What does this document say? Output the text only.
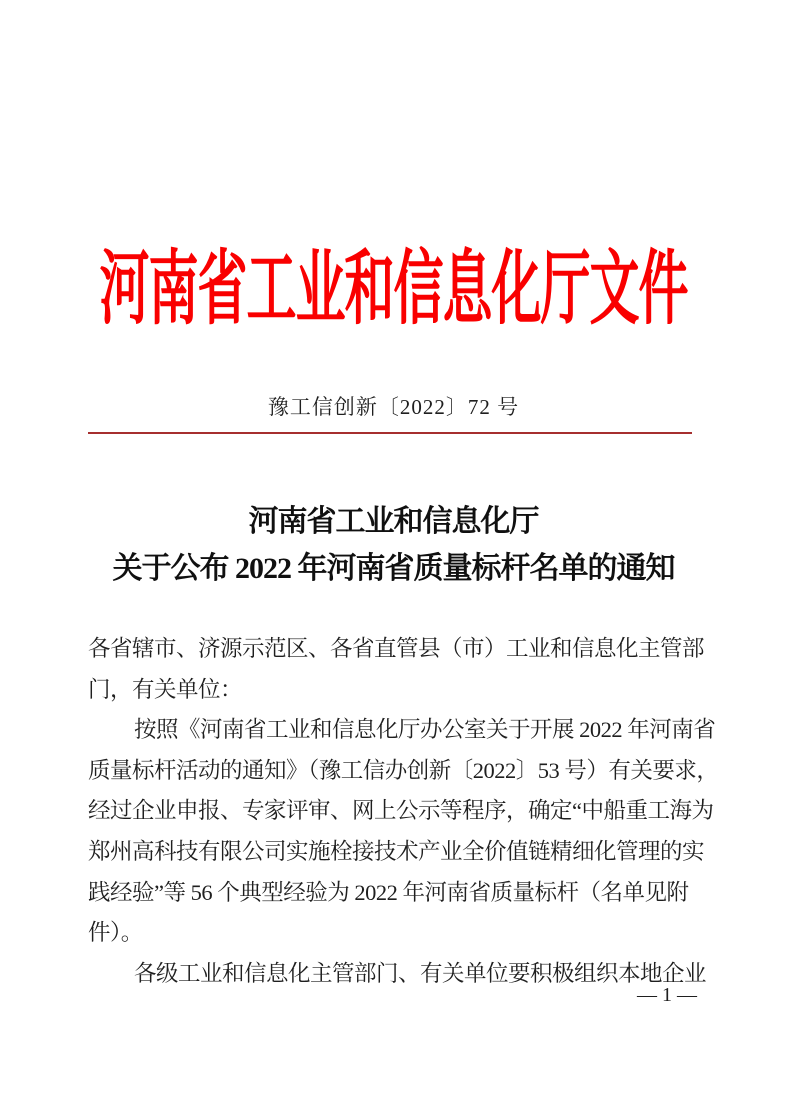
河南省工业和信息化厅文件
豫工信创新〔2022〕72 号
河南省工业和信息化厅
关于公布 2022 年河南省质量标杆名单的通知
各省辖市、济源示范区、各省直管县（市）工业和信息化主管部
门，有关单位：
按照《河南省工业和信息化厅办公室关于开展 2022 年河南省
质量标杆活动的通知》（豫工信办创新〔2022〕53 号）有关要求，
经过企业申报、专家评审、网上公示等程序，确定“中船重工海为
郑州高科技有限公司实施栓接技术产业全价值链精细化管理的实
践经验”等 56 个典型经验为 2022 年河南省质量标杆（名单见附
件）。
各级工业和信息化主管部门、有关单位要积极组织本地企业
— 1 —
